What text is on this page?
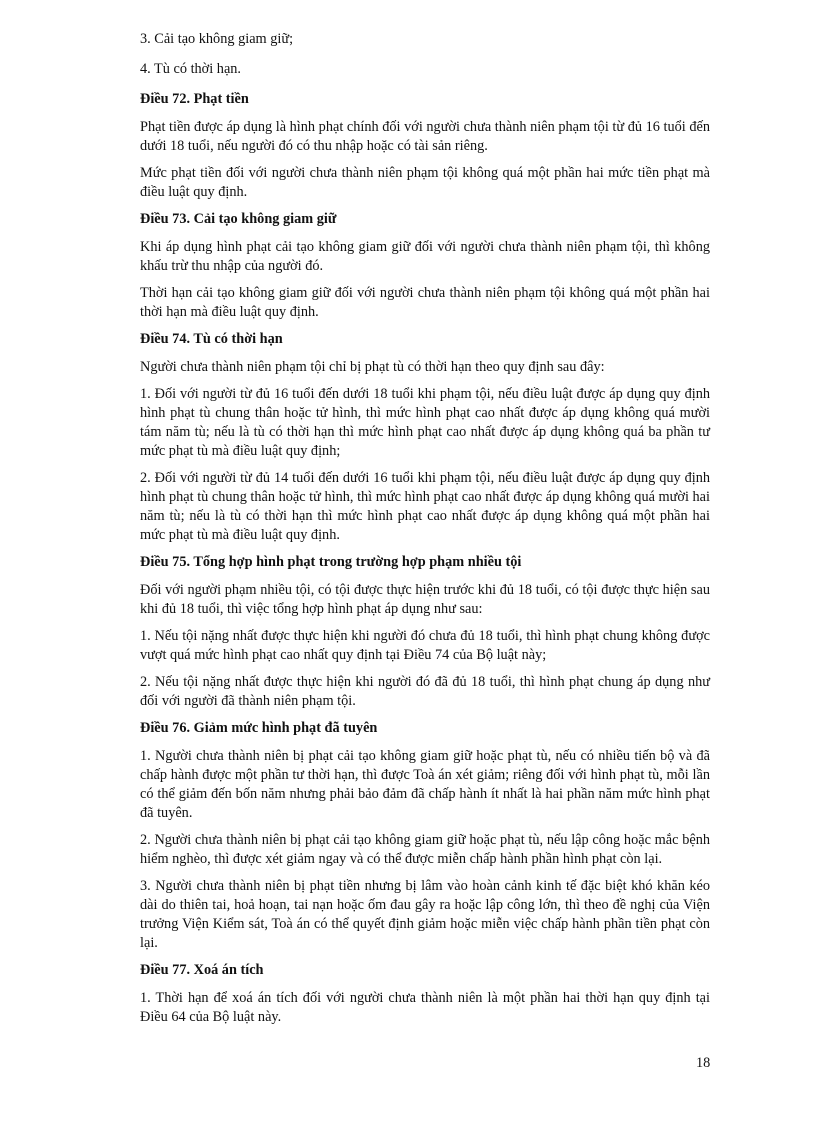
3. Cải tạo không giam giữ;

4. Tù có thời hạn.

Điều 72. Phạt tiền

Phạt tiền được áp dụng là hình phạt chính đối với người chưa thành niên phạm tội từ đủ 16 tuổi đến dưới 18 tuổi, nếu người đó có thu nhập hoặc có tài sản riêng.

Mức phạt tiền đối với người chưa thành niên phạm tội không quá một phần hai mức tiền phạt mà điều luật quy định.

Điều 73. Cải tạo không giam giữ

Khi áp dụng hình phạt cải tạo không giam giữ đối với người chưa thành niên phạm tội, thì không khấu trừ thu nhập của người đó.

Thời hạn cải tạo không giam giữ đối với người chưa thành niên phạm tội không quá một phần hai thời hạn mà điều luật quy định.

Điều 74. Tù có thời hạn

Người chưa thành niên phạm tội chỉ bị phạt tù có thời hạn theo quy định sau đây:

1. Đối với người từ đủ 16 tuổi đến dưới 18 tuổi khi phạm tội, nếu điều luật được áp dụng quy định hình phạt tù chung thân hoặc tử hình, thì mức hình phạt cao nhất được áp dụng không quá mười tám năm tù; nếu là tù có thời hạn thì mức hình phạt cao nhất được áp dụng không quá ba phần tư mức phạt tù mà điều luật quy định;

2. Đối với người từ đủ 14 tuổi đến dưới 16 tuổi khi phạm tội, nếu điều luật được áp dụng quy định hình phạt tù chung thân hoặc tử hình, thì mức hình phạt cao nhất được áp dụng không quá mười hai năm tù; nếu là tù có thời hạn thì mức hình phạt cao nhất được áp dụng không quá một phần hai mức phạt tù mà điều luật quy định.

Điều 75. Tổng hợp hình phạt trong trường hợp phạm nhiều tội

Đối với người phạm nhiều tội, có tội được thực hiện trước khi đủ 18 tuổi, có tội được thực hiện sau khi đủ 18 tuổi, thì việc tổng hợp hình phạt áp dụng như sau:

1. Nếu tội nặng nhất được thực hiện khi người đó chưa đủ 18 tuổi, thì hình phạt chung không được vượt quá mức hình phạt cao nhất quy định tại Điều 74 của Bộ luật này;

2. Nếu tội nặng nhất được thực hiện khi người đó đã đủ 18 tuổi, thì hình phạt chung áp dụng như đối với người đã thành niên phạm tội.

Điều 76. Giảm mức hình phạt đã tuyên

1. Người chưa thành niên bị phạt cải tạo không giam giữ hoặc phạt tù, nếu có nhiều tiến bộ và đã chấp hành được một phần tư thời hạn, thì được Toà án xét giảm; riêng đối với hình phạt tù, mỗi lần có thể giảm đến bốn năm nhưng phải bảo đảm đã chấp hành ít nhất là hai phần năm mức hình phạt đã tuyên.

2. Người chưa thành niên bị phạt cải tạo không giam giữ hoặc phạt tù, nếu lập công hoặc mắc bệnh hiểm nghèo, thì được xét giảm ngay và có thể được miễn chấp hành phần hình phạt còn lại.

3. Người chưa thành niên bị phạt tiền nhưng bị lâm vào hoàn cảnh kinh tế đặc biệt khó khăn kéo dài do thiên tai, hoả hoạn, tai nạn hoặc ốm đau gây ra hoặc lập công lớn, thì theo đề nghị của Viện trưởng Viện Kiểm sát, Toà án có thể quyết định giảm hoặc miễn việc chấp hành phần tiền phạt còn lại.

Điều 77. Xoá án tích

1. Thời hạn để xoá án tích đối với người chưa thành niên là một phần hai thời hạn quy định tại Điều 64 của Bộ luật này.

18
